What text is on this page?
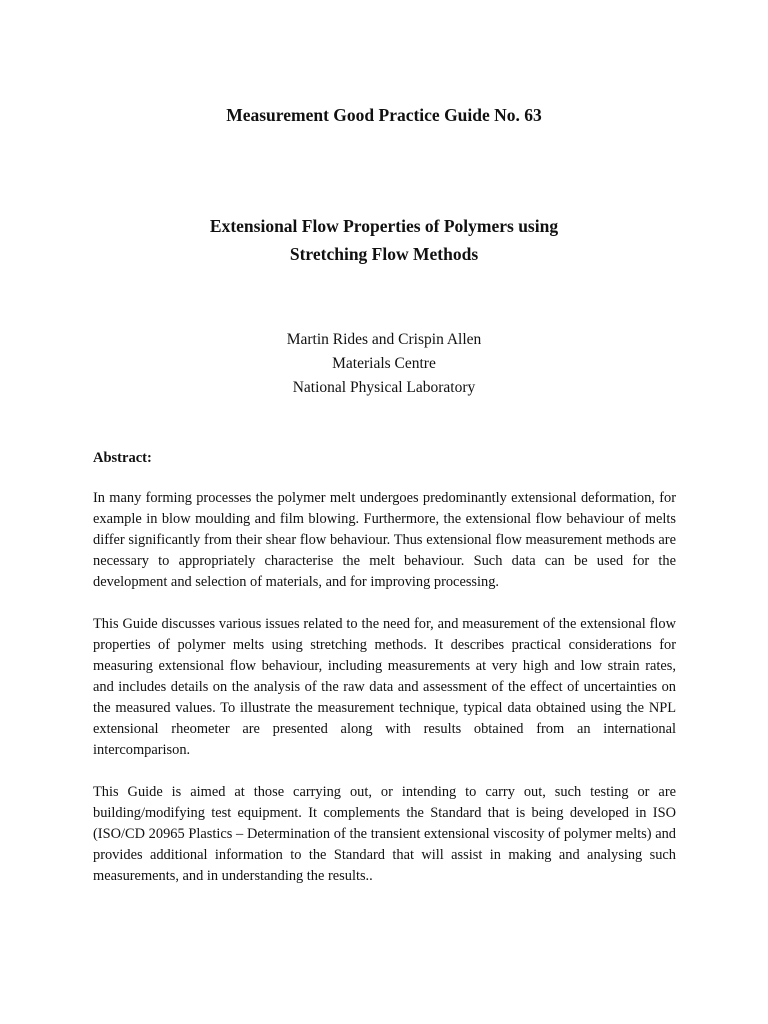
Measurement Good Practice Guide No. 63
Extensional Flow Properties of Polymers using
Stretching Flow Methods
Martin Rides and Crispin Allen
Materials Centre
National Physical Laboratory
Abstract:

In many forming processes the polymer melt undergoes predominantly extensional deformation, for example in blow moulding and film blowing. Furthermore, the extensional flow behaviour of melts differ significantly from their shear flow behaviour. Thus extensional flow measurement methods are necessary to appropriately characterise the melt behaviour. Such data can be used for the development and selection of materials, and for improving processing.

This Guide discusses various issues related to the need for, and measurement of the extensional flow properties of polymer melts using stretching methods. It describes practical considerations for measuring extensional flow behaviour, including measurements at very high and low strain rates, and includes details on the analysis of the raw data and assessment of the effect of uncertainties on the measured values. To illustrate the measurement technique, typical data obtained using the NPL extensional rheometer are presented along with results obtained from an international intercomparison.

This Guide is aimed at those carrying out, or intending to carry out, such testing or are building/modifying test equipment. It complements the Standard that is being developed in ISO (ISO/CD 20965 Plastics – Determination of the transient extensional viscosity of polymer melts) and provides additional information to the Standard that will assist in making and analysing such measurements, and in understanding the results..
